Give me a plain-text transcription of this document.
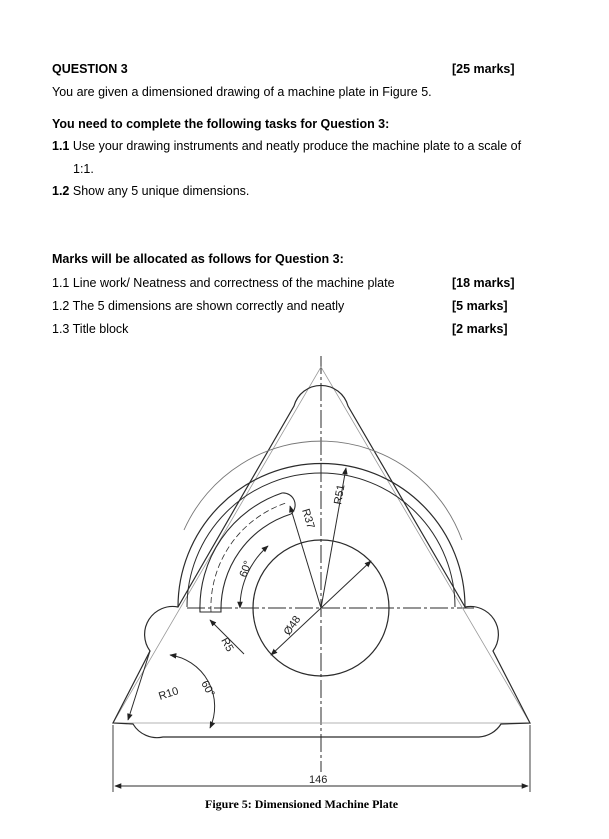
QUESTION 3	[25 marks]
You are given a dimensioned drawing of a machine plate in Figure 5.
You need to complete the following tasks for Question 3:
1.1 Use your drawing instruments and neatly produce the machine plate to a scale of
1:1.
1.2 Show any 5 unique dimensions.
Marks will be allocated as follows for Question 3:
1.1 Line work/ Neatness and correctness of the machine plate	[18 marks]
1.2 The 5 dimensions are shown correctly and neatly	[5 marks]
1.3 Title block	[2 marks]
R51
R37
60°
Ø48
R5
R10 60°
146
Figure 5: Dimensioned Machine Plate
